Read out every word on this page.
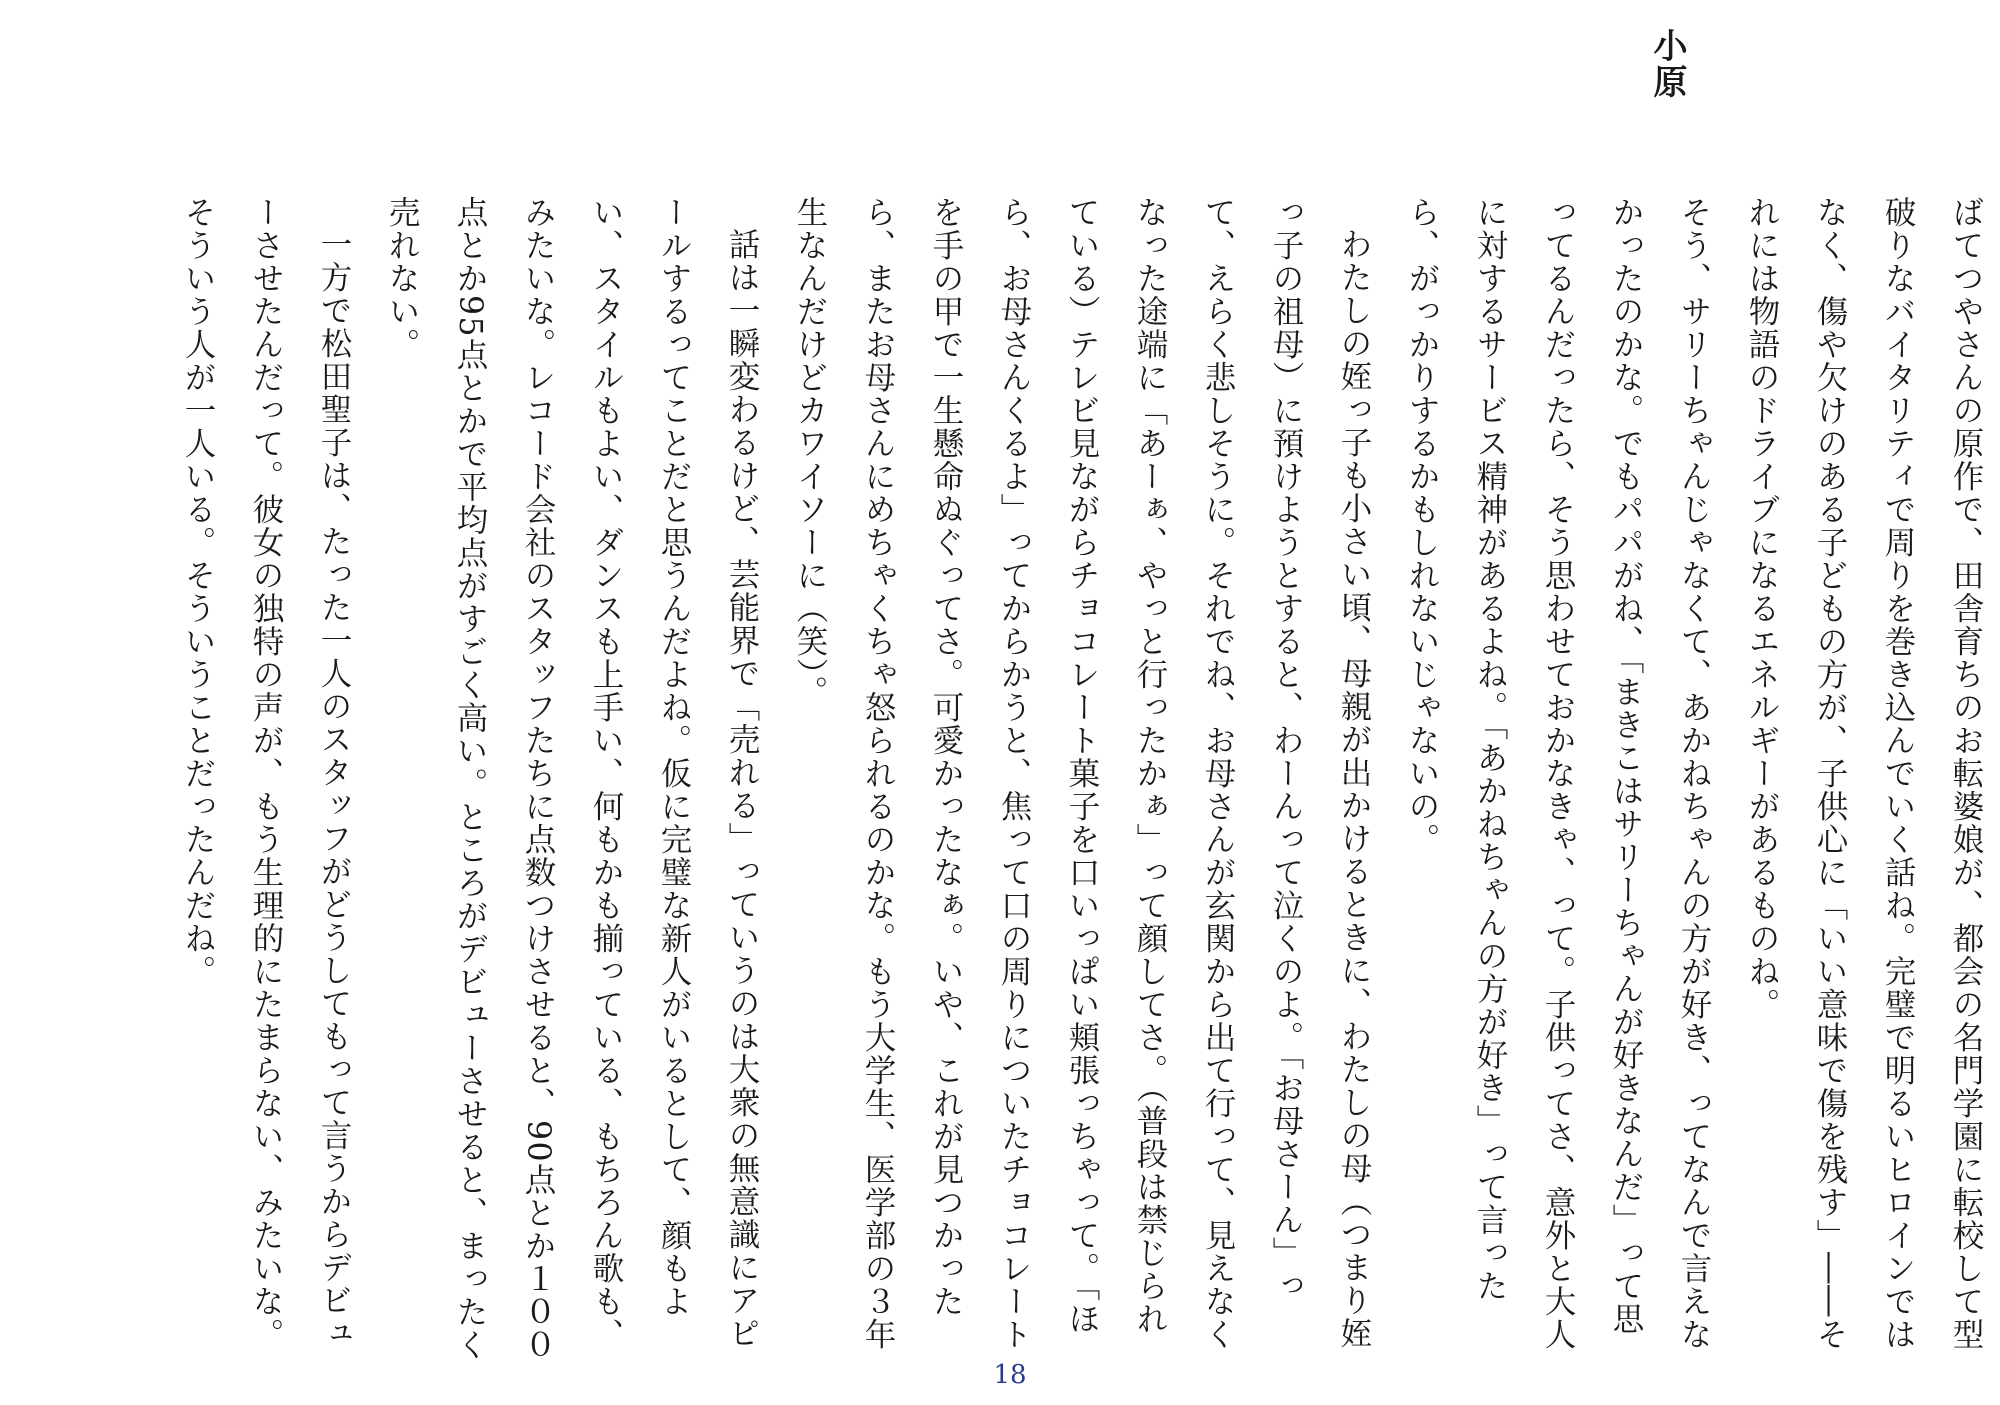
小原

ばてつやさんの原作で、田舎育ちのお転婆娘が、都会の名門学園に転校して型破りなバイタリティで周りを巻き込んでいく話ね。完璧で明るいヒロインではなく、傷や欠けのある子どもの方が、子供心に「いい意味で傷を残す」――それには物語のドライブになるエネルギーがあるものね。

そう、サリーちゃんじゃなくて、あかねちゃんの方が好き、ってなんで言えなかったのかな。でもパパがね、「まきこはサリーちゃんが好きなんだ」って思ってるんだったら、そう思わせておかなきゃ、って。子供ってさ、意外と大人に対するサービス精神があるよね。「あかねちゃんの方が好き」って言ったら、がっかりするかもしれないじゃないの。

わたしの姪っ子も小さい頃、母親が出かけるときに、わたしの母（つまり姪っ子の祖母）に預けようとすると、わーんって泣くのよ。「お母さーん」って、えらく悲しそうに。それでね、お母さんが玄関から出て行って、見えなくなった途端に「あーぁ、やっと行ったかぁ」って顔してさ。（普段は禁じられている）テレビ見ながらチョコレート菓子を口いっぱい頬張っちゃって。「ほら、お母さんくるよ」ってからかうと、焦って口の周りについたチョコレートを手の甲で一生懸命ぬぐってさ。可愛かったなぁ。いや、これが見つかったら、またお母さんにめちゃくちゃ怒られるのかな。もう大学生、医学部の３年生なんだけどカワイソーに（笑）。

話は一瞬変わるけど、芸能界で「売れる」っていうのは大衆の無意識にアピールするってことだと思うんだよね。仮に完璧な新人がいるとして、顔もよい、スタイルもよい、ダンスも上手い、何もかも揃っている、もちろん歌も、みたいな。レコード会社のスタッフたちに点数つけさせると、90点とか１００点とか95点とかで平均点がすごく高い。ところがデビューさせると、まったく売れない。

一方で松田聖子は、たった一人のスタッフがどうしてもって言うからデビューさせたんだって。彼女の独特の声が、もう生理的にたまらない、みたいな。そういう人が一人いる。そういうことだったんだね。

18
